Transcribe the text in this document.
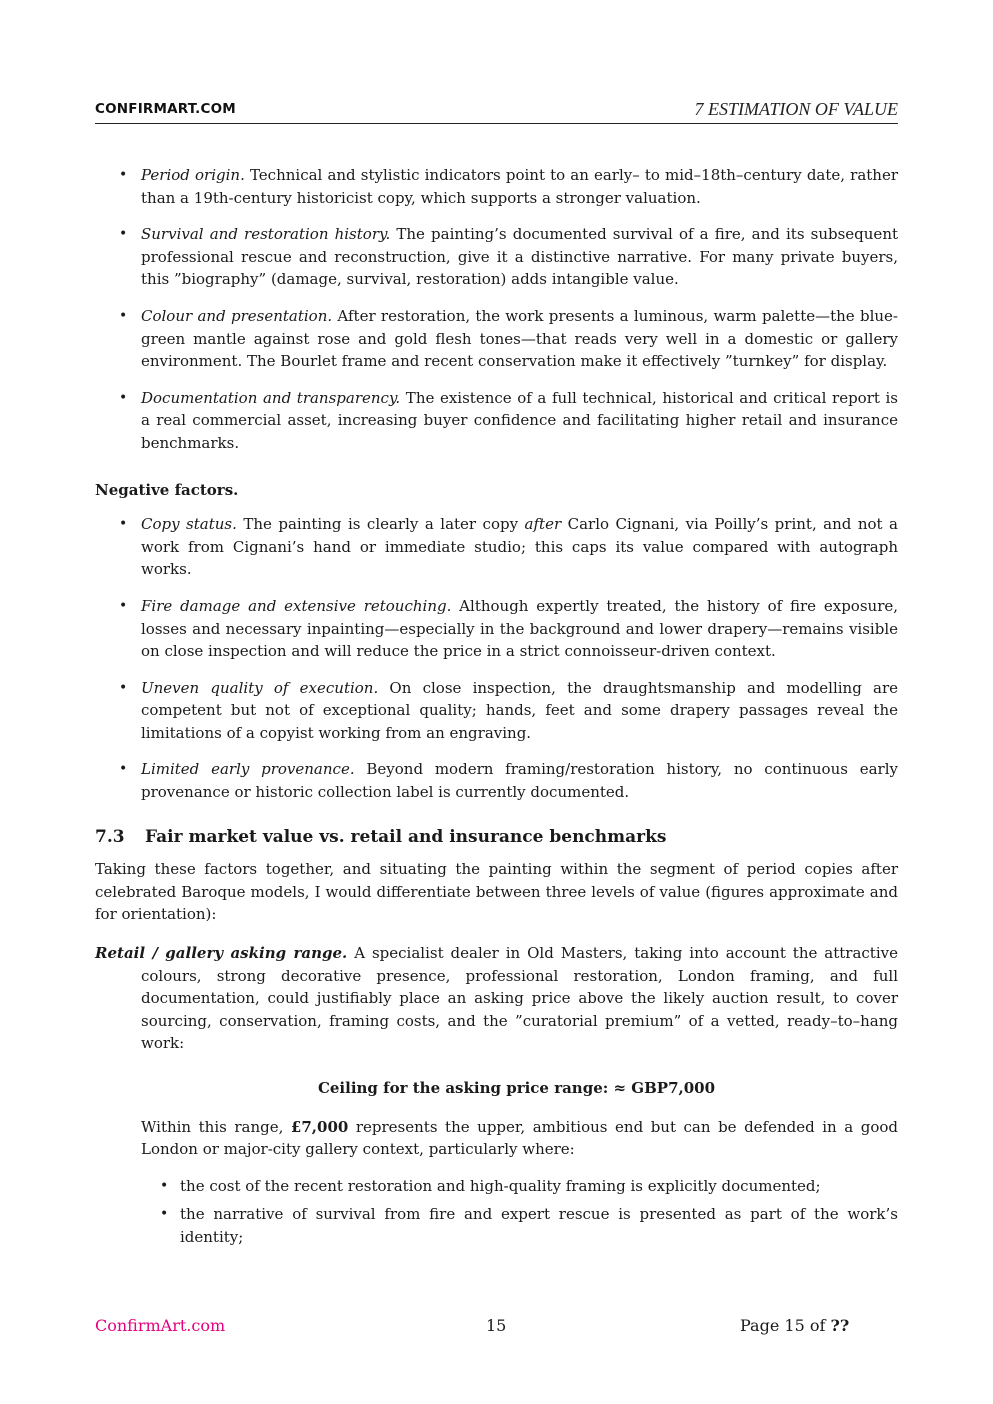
CONFIRMART.COM	7 ESTIMATION OF VALUE
• Period origin. Technical and stylistic indicators point to an early– to mid–18th–century date, rather than a 19th-century historicist copy, which supports a stronger valuation.
• Survival and restoration history. The painting’s documented survival of a fire, and its subsequent professional rescue and reconstruction, give it a distinctive narrative. For many private buyers, this ”biography” (damage, survival, restoration) adds intangible value.
• Colour and presentation. After restoration, the work presents a luminous, warm palette—the blue-green mantle against rose and gold flesh tones—that reads very well in a domestic or gallery environment. The Bourlet frame and recent conservation make it effectively ”turnkey” for display.
• Documentation and transparency. The existence of a full technical, historical and critical report is a real commercial asset, increasing buyer confidence and facilitating higher retail and insurance benchmarks.
Negative factors.
• Copy status. The painting is clearly a later copy after Carlo Cignani, via Poilly’s print, and not a work from Cignani’s hand or immediate studio; this caps its value compared with autograph works.
• Fire damage and extensive retouching. Although expertly treated, the history of fire exposure, losses and necessary inpainting—especially in the background and lower drapery—remains visible on close inspection and will reduce the price in a strict connoisseur-driven context.
• Uneven quality of execution. On close inspection, the draughtsmanship and modelling are competent but not of exceptional quality; hands, feet and some drapery passages reveal the limitations of a copyist working from an engraving.
• Limited early provenance. Beyond modern framing/restoration history, no continuous early provenance or historic collection label is currently documented.
7.3 Fair market value vs. retail and insurance benchmarks

Taking these factors together, and situating the painting within the segment of period copies after celebrated Baroque models, I would differentiate between three levels of value (figures approximate and for orientation):

Retail / gallery asking range. A specialist dealer in Old Masters, taking into account the attractive colours, strong decorative presence, professional restoration, London framing, and full documentation, could justifiably place an asking price above the likely auction result, to cover sourcing, conservation, framing costs, and the ”curatorial premium” of a vetted, ready–to–hang work:
Ceiling for the asking price range: ≈ GBP7,000

Within this range, £7,000 represents the upper, ambitious end but can be defended in a good London or major-city gallery context, particularly where:

• the cost of the recent restoration and high-quality framing is explicitly documented;
• the narrative of survival from fire and expert rescue is presented as part of the work’s identity;
ConfirmArt.com	15	Page 15 of ??
